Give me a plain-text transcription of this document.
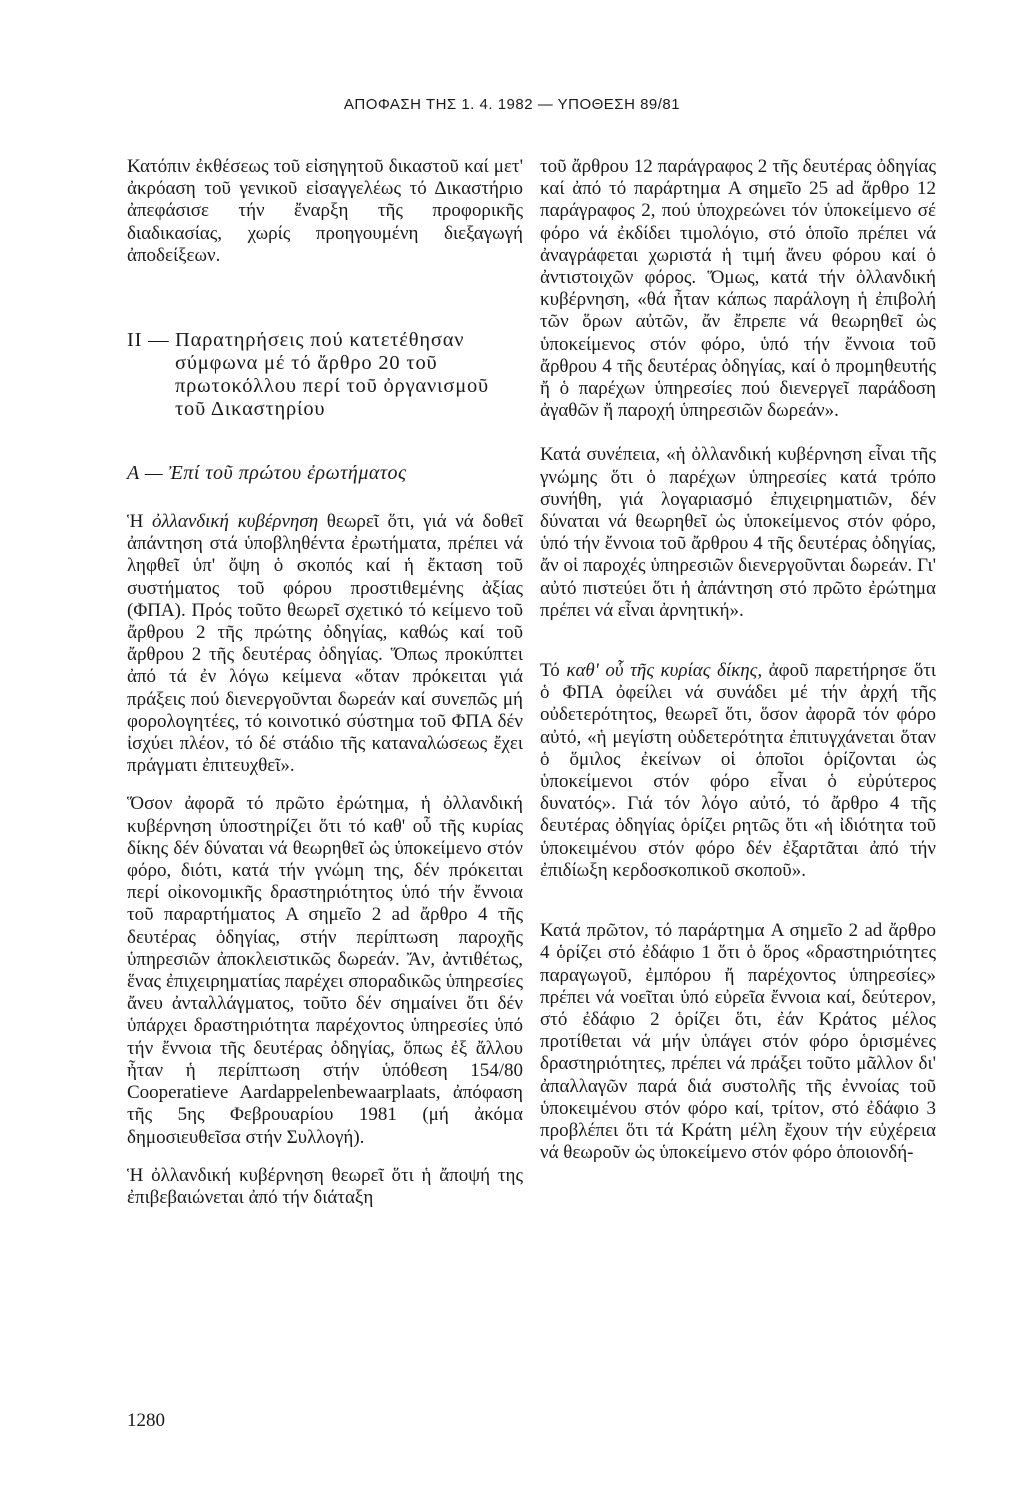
ΑΠΟΦΑΣΗ ΤΗΣ 1. 4. 1982 — ΥΠΟΘΕΣΗ 89/81

Κατόπιν ἐκθέσεως τοῦ εἰσηγητοῦ δικαστοῦ καί μετ' ἀκρόαση τοῦ γενικοῦ εἰσαγγελέως τό Δικαστήριο ἀπεφάσισε τήν ἔναρξη τῆς προφορικῆς διαδικασίας, χωρίς προηγουμένη διεξαγωγή ἀποδείξεων.

II — Παρατηρήσεις πού κατετέθησαν σύμφωνα μέ τό ἄρθρο 20 τοῦ πρωτοκόλλου περί τοῦ ὀργανισμοῦ τοῦ Δικαστηρίου

A — Ἐπί τοῦ πρώτου ἐρωτήματος

Ἡ ὀλλανδική κυβέρνηση θεωρεῖ ὅτι, γιά νά δοθεῖ ἀπάντηση στά ὑποβληθέντα ἐρωτήματα, πρέπει νά ληφθεῖ ὑπ' ὄψη ὁ σκοπός καί ἡ ἔκταση τοῦ συστήματος τοῦ φόρου προστιθεμένης ἀξίας (ΦΠΑ). Πρός τοῦτο θεωρεῖ σχετικό τό κείμενο τοῦ ἄρθρου 2 τῆς πρώτης ὀδηγίας, καθώς καί τοῦ ἄρθρου 2 τῆς δευτέρας ὀδηγίας. Ὅπως προκύπτει ἀπό τά ἐν λόγω κείμενα «ὅταν πρόκειται γιά πράξεις πού διενεργοῦνται δωρεάν καί συνεπῶς μή φορολογητέες, τό κοινοτικό σύστημα τοῦ ΦΠΑ δέν ἰσχύει πλέον, τό δέ στάδιο τῆς καταναλώσεως ἔχει πράγματι ἐπιτευχθεῖ».

Ὅσον ἀφορᾶ τό πρῶτο ἐρώτημα, ἡ ὀλλανδική κυβέρνηση ὑποστηρίζει ὅτι τό καθ' οὗ τῆς κυρίας δίκης δέν δύναται νά θεωρηθεῖ ὡς ὑποκείμενο στόν φόρο, διότι, κατά τήν γνώμη της, δέν πρόκειται περί οἰκονομικῆς δραστηριότητος ὑπό τήν ἔννοια τοῦ παραρτήματος A σημεῖο 2 ad ἄρθρο 4 τῆς δευτέρας ὀδηγίας, στήν περίπτωση παροχῆς ὑπηρεσιῶν ἀποκλειστικῶς δωρεάν. Ἄν, ἀντιθέτως, ἕνας ἐπιχειρηματίας παρέχει σποραδικῶς ὑπηρεσίες ἄνευ ἀνταλλάγματος, τοῦτο δέν σημαίνει ὅτι δέν ὑπάρχει δραστηριότητα παρέχοντος ὑπηρεσίες ὑπό τήν ἔννοια τῆς δευτέρας ὀδηγίας, ὅπως ἐξ ἄλλου ἦταν ἡ περίπτωση στήν ὑπόθεση 154/80 Cooperatieve Aardappelenbewaarplaats, ἀπόφαση τῆς 5ης Φεβρουαρίου 1981 (μή ἀκόμα δημοσιευθεῖσα στήν Συλλογή).

Ἡ ὀλλανδική κυβέρνηση θεωρεῖ ὅτι ἡ ἄποψή της ἐπιβεβαιώνεται ἀπό τήν διάταξη

τοῦ ἄρθρου 12 παράγραφος 2 τῆς δευτέρας ὀδηγίας καί ἀπό τό παράρτημα A σημεῖο 25 ad ἄρθρο 12 παράγραφος 2, πού ὑποχρεώνει τόν ὑποκείμενο σέ φόρο νά ἐκδίδει τιμολόγιο, στό ὁποῖο πρέπει νά ἀναγράφεται χωριστά ἡ τιμή ἄνευ φόρου καί ὁ ἀντιστοιχῶν φόρος. Ὅμως, κατά τήν ὀλλανδική κυβέρνηση, «θά ἦταν κάπως παράλογη ἡ ἐπιβολή τῶν ὅρων αὐτῶν, ἄν ἔπρεπε νά θεωρηθεῖ ὡς ὑποκείμενος στόν φόρο, ὑπό τήν ἔννοια τοῦ ἄρθρου 4 τῆς δευτέρας ὀδηγίας, καί ὁ προμηθευτής ἤ ὁ παρέχων ὑπηρεσίες πού διενεργεῖ παράδοση ἀγαθῶν ἤ παροχή ὑπηρεσιῶν δωρεάν».

Κατά συνέπεια, «ἡ ὀλλανδική κυβέρνηση εἶναι τῆς γνώμης ὅτι ὁ παρέχων ὑπηρεσίες κατά τρόπο συνήθη, γιά λογαριασμό ἐπιχειρηματιῶν, δέν δύναται νά θεωρηθεῖ ὡς ὑποκείμενος στόν φόρο, ὑπό τήν ἔννοια τοῦ ἄρθρου 4 τῆς δευτέρας ὀδηγίας, ἄν οἱ παροχές ὑπηρεσιῶν διενεργοῦνται δωρεάν. Γι' αὐτό πιστεύει ὅτι ἡ ἀπάντηση στό πρῶτο ἐρώτημα πρέπει νά εἶναι ἀρνητική».

Τό καθ' οὗ τῆς κυρίας δίκης, ἀφοῦ παρετήρησε ὅτι ὁ ΦΠΑ ὀφείλει νά συνάδει μέ τήν ἀρχή τῆς οὐδετερότητος, θεωρεῖ ὅτι, ὅσον ἀφορᾶ τόν φόρο αὐτό, «ἡ μεγίστη οὐδετερότητα ἐπιτυγχάνεται ὅταν ὁ ὅμιλος ἐκείνων οἱ ὁποῖοι ὁρίζονται ὡς ὑποκείμενοι στόν φόρο εἶναι ὁ εὐρύτερος δυνατός». Γιά τόν λόγο αὐτό, τό ἄρθρο 4 τῆς δευτέρας ὀδηγίας ὁρίζει ρητῶς ὅτι «ἡ ἰδιότητα τοῦ ὑποκειμένου στόν φόρο δέν ἐξαρτᾶται ἀπό τήν ἐπιδίωξη κερδοσκοπικοῦ σκοποῦ».

Κατά πρῶτον, τό παράρτημα A σημεῖο 2 ad ἄρθρο 4 ὁρίζει στό ἐδάφιο 1 ὅτι ὁ ὅρος «δραστηριότητες παραγωγοῦ, ἐμπόρου ἤ παρέχοντος ὑπηρεσίες» πρέπει νά νοεῖται ὑπό εὐρεῖα ἔννοια καί, δεύτερον, στό ἐδάφιο 2 ὁρίζει ὅτι, ἐάν Κράτος μέλος προτίθεται νά μήν ὑπάγει στόν φόρο ὁρισμένες δραστηριότητες, πρέπει νά πράξει τοῦτο μᾶλλον δι' ἀπαλλαγῶν παρά διά συστολῆς τῆς ἐννοίας τοῦ ὑποκειμένου στόν φόρο καί, τρίτον, στό ἐδάφιο 3 προβλέπει ὅτι τά Κράτη μέλη ἔχουν τήν εὐχέρεια νά θεωροῦν ὡς ὑποκείμενο στόν φόρο ὁποιονδή-

1280
